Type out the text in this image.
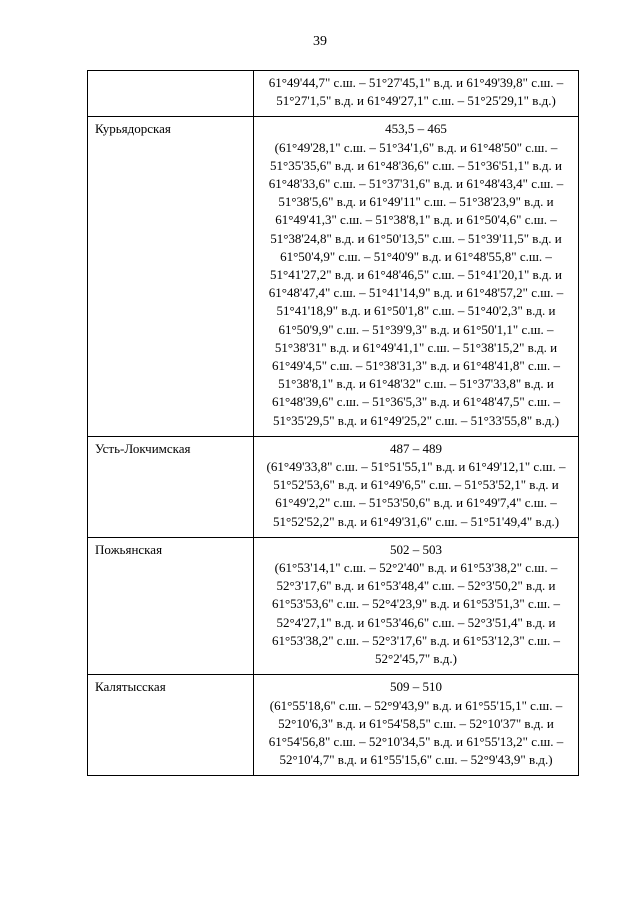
39

	61°49'44,7" с.ш. – 51°27'45,1" в.д. и 61°49'39,8" с.ш. – 51°27'1,5" в.д. и 61°49'27,1" с.ш. – 51°25'29,1" в.д.)

Курьядорская	453,5 – 465
(61°49'28,1" с.ш. – 51°34'1,6" в.д. и 61°48'50" с.ш. – 51°35'35,6" в.д. и 61°48'36,6" с.ш. – 51°36'51,1" в.д. и 61°48'33,6" с.ш. – 51°37'31,6" в.д. и 61°48'43,4" с.ш. – 51°38'5,6" в.д. и 61°49'11" с.ш. – 51°38'23,9" в.д. и 61°49'41,3" с.ш. – 51°38'8,1" в.д. и 61°50'4,6" с.ш. – 51°38'24,8" в.д. и 61°50'13,5" с.ш. – 51°39'11,5" в.д. и 61°50'4,9" с.ш. – 51°40'9" в.д. и 61°48'55,8" с.ш. – 51°41'27,2" в.д. и 61°48'46,5" с.ш. – 51°41'20,1" в.д. и 61°48'47,4" с.ш. – 51°41'14,9" в.д. и 61°48'57,2" с.ш. – 51°41'18,9" в.д. и 61°50'1,8" с.ш. – 51°40'2,3" в.д. и 61°50'9,9" с.ш. – 51°39'9,3" в.д. и 61°50'1,1" с.ш. – 51°38'31" в.д. и 61°49'41,1" с.ш. – 51°38'15,2" в.д. и 61°49'4,5" с.ш. – 51°38'31,3" в.д. и 61°48'41,8" с.ш. – 51°38'8,1" в.д. и 61°48'32" с.ш. – 51°37'33,8" в.д. и 61°48'39,6" с.ш. – 51°36'5,3" в.д. и 61°48'47,5" с.ш. – 51°35'29,5" в.д. и 61°49'25,2" с.ш. – 51°33'55,8" в.д.)

Усть-Локчимская	487 – 489
(61°49'33,8" с.ш. – 51°51'55,1" в.д. и 61°49'12,1" с.ш. – 51°52'53,6" в.д. и 61°49'6,5" с.ш. – 51°53'52,1" в.д. и 61°49'2,2" с.ш. – 51°53'50,6" в.д. и 61°49'7,4" с.ш. – 51°52'52,2" в.д. и 61°49'31,6" с.ш. – 51°51'49,4" в.д.)

Пожьянская	502 – 503
(61°53'14,1" с.ш. – 52°2'40" в.д. и 61°53'38,2" с.ш. – 52°3'17,6" в.д. и 61°53'48,4" с.ш. – 52°3'50,2" в.д. и 61°53'53,6" с.ш. – 52°4'23,9" в.д. и 61°53'51,3" с.ш. – 52°4'27,1" в.д. и 61°53'46,6" с.ш. – 52°3'51,4" в.д. и 61°53'38,2" с.ш. – 52°3'17,6" в.д. и 61°53'12,3" с.ш. – 52°2'45,7" в.д.)

Калятысская	509 – 510
(61°55'18,6" с.ш. – 52°9'43,9" в.д. и 61°55'15,1" с.ш. – 52°10'6,3" в.д. и 61°54'58,5" с.ш. – 52°10'37" в.д. и 61°54'56,8" с.ш. – 52°10'34,5" в.д. и 61°55'13,2" с.ш. – 52°10'4,7" в.д. и 61°55'15,6" с.ш. – 52°9'43,9" в.д.)
